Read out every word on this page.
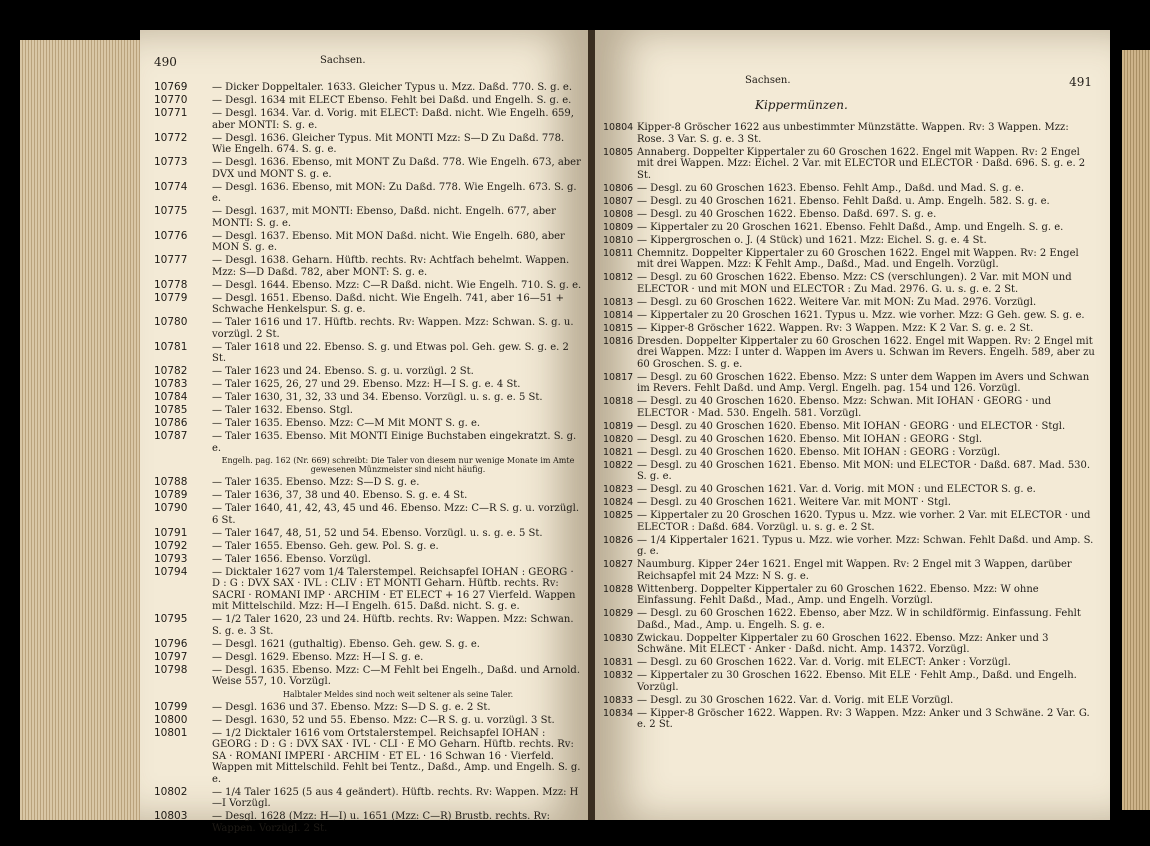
490	Sachsen.
10769	— Dicker Doppeltaler. 1633. Gleicher Typus u. Mzz. Daßd. 770. S. g. e.
10770	— Desgl. 1634 mit ELECT Ebenso. Fehlt bei Daßd. und Engelh. S. g. e.
10771	— Desgl. 1634. Var. d. Vorig. mit ELECT: Daßd. nicht. Wie Engelh. 659, aber MONTI: S. g. e.
10772	— Desgl. 1636. Gleicher Typus. Mit MONTI Mzz: S—D Zu Daßd. 778. Wie Engelh. 674. S. g. e.
10773	— Desgl. 1636. Ebenso, mit MONT Zu Daßd. 778. Wie Engelh. 673, aber DVX und MONT S. g. e.
10774	— Desgl. 1636. Ebenso, mit MON: Zu Daßd. 778. Wie Engelh. 673. S. g. e.
10775	— Desgl. 1637, mit MONTI: Ebenso, Daßd. nicht. Engelh. 677, aber MONTI: S. g. e.
10776	— Desgl. 1637. Ebenso. Mit MON Daßd. nicht. Wie Engelh. 680, aber MON S. g. e.
10777	— Desgl. 1638. Geharn. Hüftb. rechts. Rv: Achtfach behelmt. Wappen. Mzz: S—D Daßd. 782, aber MONT: S. g. e.
10778	— Desgl. 1644. Ebenso. Mzz: C—R Daßd. nicht. Wie Engelh. 710. S. g. e.
10779	— Desgl. 1651. Ebenso. Daßd. nicht. Wie Engelh. 741, aber 16—51 + Schwache Henkelspur. S. g. e.
10780	— Taler 1616 und 17. Hüftb. rechts. Rv: Wappen. Mzz: Schwan. S. g. u. vorzügl. 2 St.
10781	— Taler 1618 und 22. Ebenso. S. g. und Etwas pol. Geh. gew. S. g. e. 2 St.
10782	— Taler 1623 und 24. Ebenso. S. g. u. vorzügl. 2 St.
10783	— Taler 1625, 26, 27 und 29. Ebenso. Mzz: H—I S. g. e. 4 St.
10784	— Taler 1630, 31, 32, 33 und 34. Ebenso. Vorzügl. u. s. g. e. 5 St.
10785	— Taler 1632. Ebenso. Stgl.
10786	— Taler 1635. Ebenso. Mzz: C—M Mit MONT S. g. e.
10787	— Taler 1635. Ebenso. Mit MONTI Einige Buchstaben eingekratzt. S. g. e.
Engelh. pag. 162 (Nr. 669) schreibt: Die Taler von diesem nur wenige Monate im Amte gewesenen Münzmeister sind nicht häufig.
10788	— Taler 1635. Ebenso. Mzz: S—D S. g. e.
10789	— Taler 1636, 37, 38 und 40. Ebenso. S. g. e. 4 St.
10790	— Taler 1640, 41, 42, 43, 45 und 46. Ebenso. Mzz: C—R S. g. u. vorzügl. 6 St.
10791	— Taler 1647, 48, 51, 52 und 54. Ebenso. Vorzügl. u. s. g. e. 5 St.
10792	— Taler 1655. Ebenso. Geh. gew. Pol. S. g. e.
10793	— Taler 1656. Ebenso. Vorzügl.
10794	— Dicktaler 1627 vom 1/4 Talerstempel. Reichsapfel IOHAN : GEORG · D : G : DVX SAX · IVL : CLIV : ET MONTI Geharn. Hüftb. rechts. Rv: SACRI · ROMANI IMP · ARCHIM · ET ELECT + 16 27 Vierfeld. Wappen mit Mittelschild. Mzz: H—I Engelh. 615. Daßd. nicht. S. g. e.
10795	— 1/2 Taler 1620, 23 und 24. Hüftb. rechts. Rv: Wappen. Mzz: Schwan. S. g. e. 3 St.
10796	— Desgl. 1621 (guthaltig). Ebenso. Geh. gew. S. g. e.
10797	— Desgl. 1629. Ebenso. Mzz: H—I S. g. e.
10798	— Desgl. 1635. Ebenso. Mzz: C—M Fehlt bei Engelh., Daßd. und Arnold. Weise 557, 10. Vorzügl.
Halbtaler Meldes sind noch weit seltener als seine Taler.
10799	— Desgl. 1636 und 37. Ebenso. Mzz: S—D S. g. e. 2 St.
10800	— Desgl. 1630, 52 und 55. Ebenso. Mzz: C—R S. g. u. vorzügl. 3 St.
10801	— 1/2 Dicktaler 1616 vom Ortstalerstempel. Reichsapfel IOHAN : GEORG : D : G : DVX SAX · IVL · CLI · E MO Geharn. Hüftb. rechts. Rv: SA · ROMANI IMPERI · ARCHIM · ET EL · 16 Schwan 16 · Vierfeld. Wappen mit Mittelschild. Fehlt bei Tentz., Daßd., Amp. und Engelh. S. g. e.
10802	— 1/4 Taler 1625 (5 aus 4 geändert). Hüftb. rechts. Rv: Wappen. Mzz: H—I Vorzügl.
10803	— Desgl. 1628 (Mzz: H—I) u. 1651 (Mzz: C—R) Brustb. rechts. Rv: Wappen. Vorzügl. 2 St.
Sachsen.	491
Kippermünzen.
10804 Kipper-8 Gröscher 1622 aus unbestimmter Münzstätte. Wappen. Rv: 3 Wappen. Mzz: Rose. 3 Var. S. g. e. 3 St.
10805 Annaberg. Doppelter Kippertaler zu 60 Groschen 1622. Engel mit Wappen. Rv: 2 Engel mit drei Wappen. Mzz: Eichel. 2 Var. mit ELECTOR und ELECTOR · Daßd. 696. S. g. e. 2 St.
10806 — Desgl. zu 60 Groschen 1623. Ebenso. Fehlt Amp., Daßd. und Mad. S. g. e.
10807 — Desgl. zu 40 Groschen 1621. Ebenso. Fehlt Daßd. u. Amp. Engelh. 582. S. g. e.
10808 — Desgl. zu 40 Groschen 1622. Ebenso. Daßd. 697. S. g. e.
10809 — Kippertaler zu 20 Groschen 1621. Ebenso. Fehlt Daßd., Amp. und Engelh. S. g. e.
10810 — Kippergroschen o. J. (4 Stück) und 1621. Mzz: Eichel. S. g. e. 4 St.
10811 Chemnitz. Doppelter Kippertaler zu 60 Groschen 1622. Engel mit Wappen. Rv: 2 Engel mit drei Wappen. Mzz: K Fehlt Amp., Daßd., Mad. und Engelh. Vorzügl.
10812 — Desgl. zu 60 Groschen 1622. Ebenso. Mzz: CS (verschlungen). 2 Var. mit MON und ELECTOR · und mit MON und ELECTOR : Zu Mad. 2976. G. u. s. g. e. 2 St.
10813 — Desgl. zu 60 Groschen 1622. Weitere Var. mit MON: Zu Mad. 2976. Vorzügl.
10814 — Kippertaler zu 20 Groschen 1621. Typus u. Mzz. wie vorher. Mzz: G Geh. gew. S. g. e.
10815 — Kipper-8 Gröscher 1622. Wappen. Rv: 3 Wappen. Mzz: K 2 Var. S. g. e. 2 St.
10816 Dresden. Doppelter Kippertaler zu 60 Groschen 1622. Engel mit Wappen. Rv: 2 Engel mit drei Wappen. Mzz: I unter d. Wappen im Avers u. Schwan im Revers. Engelh. 589, aber zu 60 Groschen. S. g. e.
10817 — Desgl. zu 60 Groschen 1622. Ebenso. Mzz: S unter dem Wappen im Avers und Schwan im Revers. Fehlt Daßd. und Amp. Vergl. Engelh. pag. 154 und 126. Vorzügl.
10818 — Desgl. zu 40 Groschen 1620. Ebenso. Mzz: Schwan. Mit IOHAN · GEORG · und ELECTOR · Mad. 530. Engelh. 581. Vorzügl.
10819 — Desgl. zu 40 Groschen 1620. Ebenso. Mit IOHAN · GEORG · und ELECTOR · Stgl.
10820 — Desgl. zu 40 Groschen 1620. Ebenso. Mit IOHAN : GEORG · Stgl.
10821 — Desgl. zu 40 Groschen 1620. Ebenso. Mit IOHAN : GEORG : Vorzügl.
10822 — Desgl. zu 40 Groschen 1621. Ebenso. Mit MON: und ELECTOR · Daßd. 687. Mad. 530. S. g. e.
10823 — Desgl. zu 40 Groschen 1621. Var. d. Vorig. mit MON : und ELECTOR S. g. e.
10824 — Desgl. zu 40 Groschen 1621. Weitere Var. mit MONT · Stgl.
10825 — Kippertaler zu 20 Groschen 1620. Typus u. Mzz. wie vorher. 2 Var. mit ELECTOR · und ELECTOR : Daßd. 684. Vorzügl. u. s. g. e. 2 St.
10826 — 1/4 Kippertaler 1621. Typus u. Mzz. wie vorher. Mzz: Schwan. Fehlt Daßd. und Amp. S. g. e.
10827 Naumburg. Kipper 24er 1621. Engel mit Wappen. Rv: 2 Engel mit 3 Wappen, darüber Reichsapfel mit 24 Mzz: N S. g. e.
10828 Wittenberg. Doppelter Kippertaler zu 60 Groschen 1622. Ebenso. Mzz: W ohne Einfassung. Fehlt Daßd., Mad., Amp. und Engelh. Vorzügl.
10829 — Desgl. zu 60 Groschen 1622. Ebenso, aber Mzz. W in schildförmig. Einfassung. Fehlt Daßd., Mad., Amp. u. Engelh. S. g. e.
10830 Zwickau. Doppelter Kippertaler zu 60 Groschen 1622. Ebenso. Mzz: Anker und 3 Schwäne. Mit ELECT · Anker · Daßd. nicht. Amp. 14372. Vorzügl.
10831 — Desgl. zu 60 Groschen 1622. Var. d. Vorig. mit ELECT: Anker : Vorzügl.
10832 — Kippertaler zu 30 Groschen 1622. Ebenso. Mit ELE · Fehlt Amp., Daßd. und Engelh. Vorzügl.
10833 — Desgl. zu 30 Groschen 1622. Var. d. Vorig. mit ELE Vorzügl.
10834 — Kipper-8 Gröscher 1622. Wappen. Rv: 3 Wappen. Mzz: Anker und 3 Schwäne. 2 Var. G. e. 2 St.
